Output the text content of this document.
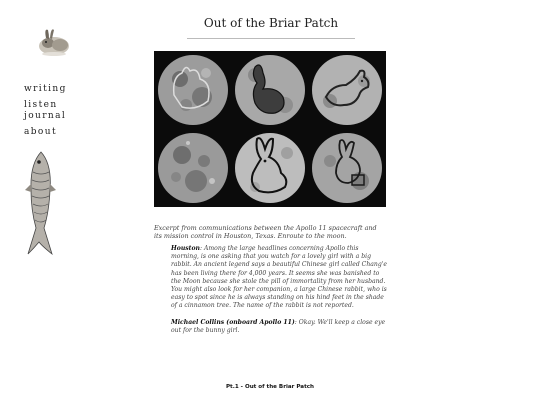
writing
listen
journal
about
Out of the Briar Patch
Excerpt from communications between the Apollo 11 spacecraft and its mission control in Houston, Texas. Enroute to the moon.

Houston: Among the large headlines concerning Apollo this morning, is one asking that you watch for a lovely girl with a big rabbit. An ancient legend says a beautiful Chinese girl called Chang'e has been living there for 4,000 years. It seems she was banished to the Moon because she stole the pill of immortality from her husband. You might also look for her companion, a large Chinese rabbit, who is easy to spot since he is always standing on his hind feet in the shade of a cinnamon tree. The name of the rabbit is not reported.

Michael Collins (onboard Apollo 11): Okay. We'll keep a close eye out for the bunny girl.

Pt.1 - Out of the Briar Patch
